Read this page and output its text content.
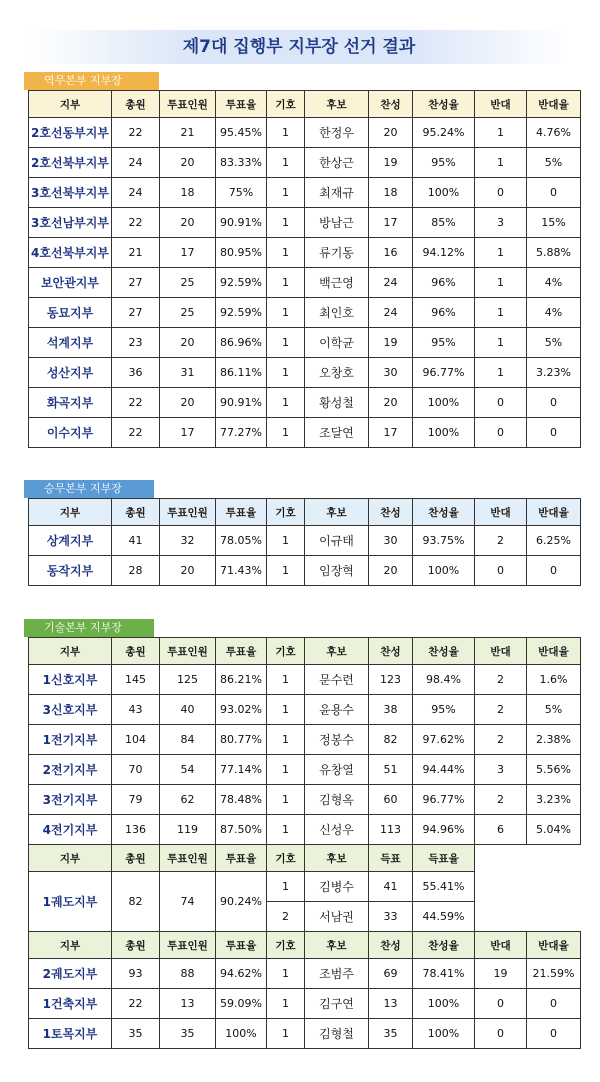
제7대 집행부 지부장 선거 결과
역무본부 지부장
지부	총원	투표인원	투표율	기호	후보	찬성	찬성율	반대	반대율
2호선동부지부	22	21	95.45%	1	한정우	20	95.24%	1	4.76%
2호선북부지부	24	20	83.33%	1	한상근	19	95%	1	5%
3호선북부지부	24	18	75%	1	최재규	18	100%	0	0
3호선남부지부	22	20	90.91%	1	방남근	17	85%	3	15%
4호선북부지부	21	17	80.95%	1	류기동	16	94.12%	1	5.88%
보안관지부	27	25	92.59%	1	백근영	24	96%	1	4%
동묘지부	27	25	92.59%	1	최인호	24	96%	1	4%
석계지부	23	20	86.96%	1	이학균	19	95%	1	5%
성산지부	36	31	86.11%	1	오창호	30	96.77%	1	3.23%
화곡지부	22	20	90.91%	1	황성철	20	100%	0	0
이수지부	22	17	77.27%	1	조달연	17	100%	0	0
승무본부 지부장
지부	총원	투표인원	투표율	기호	후보	찬성	찬성율	반대	반대율
상계지부	41	32	78.05%	1	이규태	30	93.75%	2	6.25%
동작지부	28	20	71.43%	1	임장혁	20	100%	0	0
기술본부 지부장
지부	총원	투표인원	투표율	기호	후보	찬성	찬성율	반대	반대율
1신호지부	145	125	86.21%	1	문수련	123	98.4%	2	1.6%
3신호지부	43	40	93.02%	1	윤용수	38	95%	2	5%
1전기지부	104	84	80.77%	1	정봉수	82	97.62%	2	2.38%
2전기지부	70	54	77.14%	1	유창열	51	94.44%	3	5.56%
3전기지부	79	62	78.48%	1	김형옥	60	96.77%	2	3.23%
4전기지부	136	119	87.50%	1	신성우	113	94.96%	6	5.04%
지부	총원	투표인원	투표율	기호	후보	득표	득표율		
1궤도지부	82	74	90.24%	1	김병수	41	55.41%		
				2	서남권	33	44.59%		
지부	총원	투표인원	투표율	기호	후보	찬성	찬성율	반대	반대율
2궤도지부	93	88	94.62%	1	조범주	69	78.41%	19	21.59%
1건축지부	22	13	59.09%	1	김구연	13	100%	0	0
1토목지부	35	35	100%	1	김형철	35	100%	0	0
